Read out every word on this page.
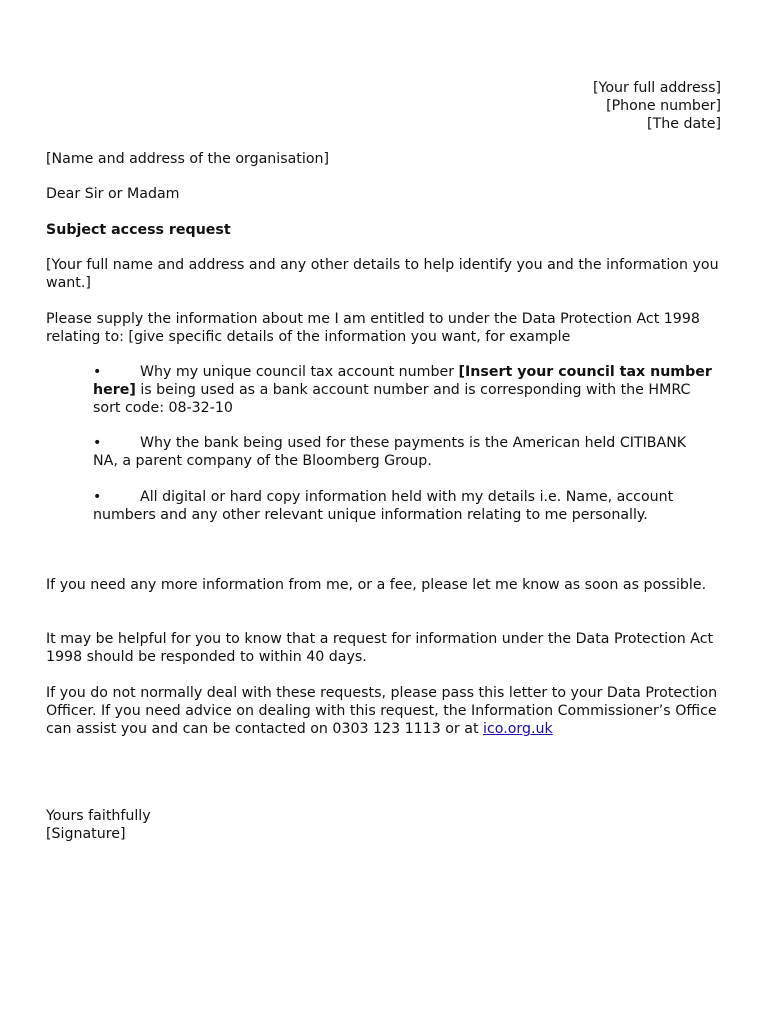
[Your full address]
[Phone number]
[The date]

[Name and address of the organisation]

Dear Sir or Madam

Subject access request

[Your full name and address and any other details to help identify you and the information you want.]

Please supply the information about me I am entitled to under the Data Protection Act 1998 relating to: [give specific details of the information you want, for example

•	Why my unique council tax account number [Insert your council tax number here] is being used as a bank account number and is corresponding with the HMRC sort code: 08-32-10

•	Why the bank being used for these payments is the American held CITIBANK NA, a parent company of the Bloomberg Group.

•	All digital or hard copy information held with my details i.e. Name, account numbers and any other relevant unique information relating to me personally.

If you need any more information from me, or a fee, please let me know as soon as possible.

It may be helpful for you to know that a request for information under the Data Protection Act 1998 should be responded to within 40 days.

If you do not normally deal with these requests, please pass this letter to your Data Protection Officer. If you need advice on dealing with this request, the Information Commissioner’s Office can assist you and can be contacted on 0303 123 1113 or at ico.org.uk

Yours faithfully

[Signature]
